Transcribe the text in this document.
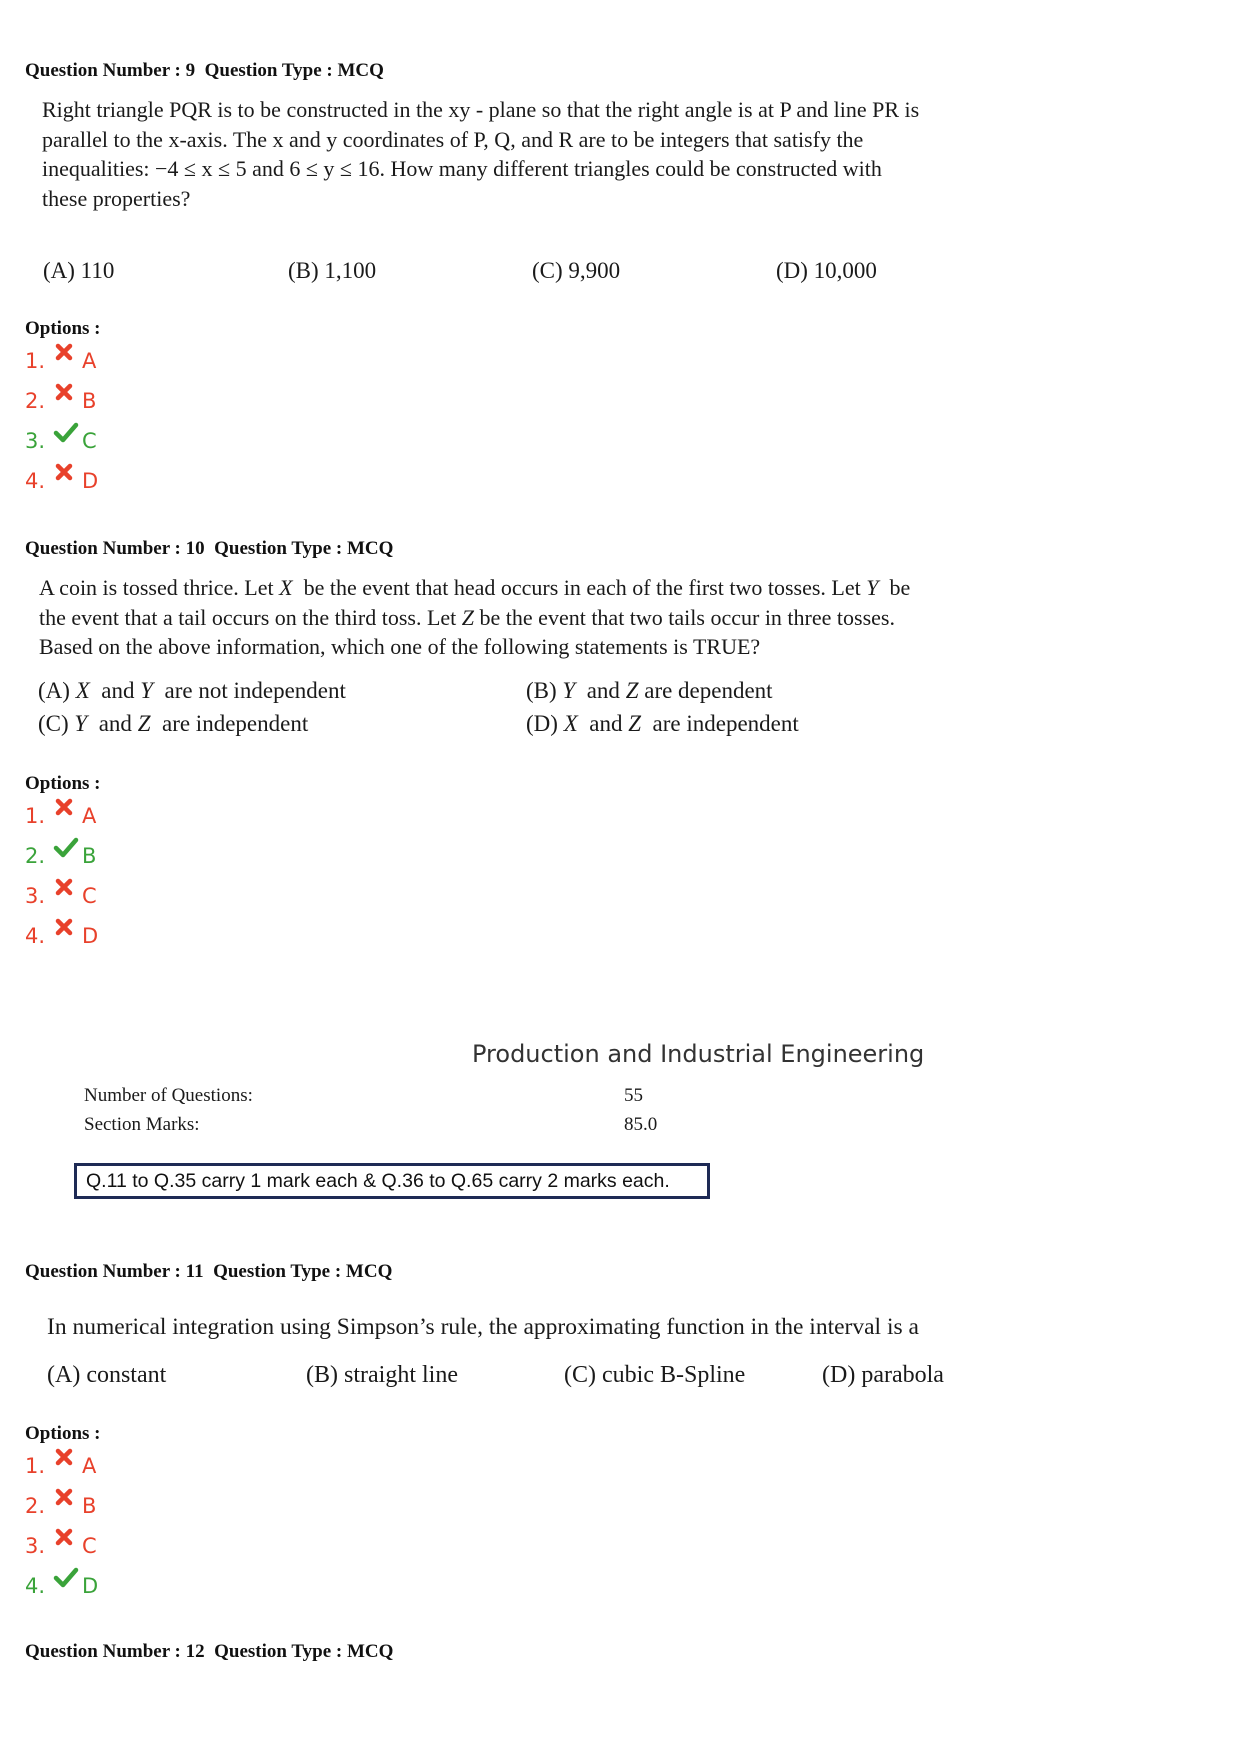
Question Number : 9  Question Type : MCQ
Right triangle PQR is to be constructed in the xy - plane so that the right angle is at P and line PR is
parallel to the x-axis. The x and y coordinates of P, Q, and R are to be integers that satisfy the
inequalities: −4 ≤ x ≤ 5 and 6 ≤ y ≤ 16. How many different triangles could be constructed with
these properties?
(A) 110	(B) 1,100	(C) 9,900	(D) 10,000
Options :
Question Number : 10  Question Type : MCQ
A coin is tossed thrice. Let X  be the event that head occurs in each of the first two tosses. Let Y  be
the event that a tail occurs on the third toss. Let Z be the event that two tails occur in three tosses.
Based on the above information, which one of the following statements is TRUE?
(A) X  and Y  are not independent	(B) Y  and Z are dependent
(C) Y  and Z  are independent	(D) X  and Z  are independent
Options :
Production and Industrial Engineering
Number of Questions:	55
Section Marks:	85.0
Q.11 to Q.35 carry 1 mark each & Q.36 to Q.65 carry 2 marks each.
Question Number : 11  Question Type : MCQ
In numerical integration using Simpson’s rule, the approximating function in the interval is a
(A) constant	(B) straight line	(C) cubic B-Spline	(D) parabola
Options :
Question Number : 12  Question Type : MCQ
1. A
2. B
3. C
4. D
1. A
2. B
3. C
4. D
1. A
2. B
3. C
4. D
